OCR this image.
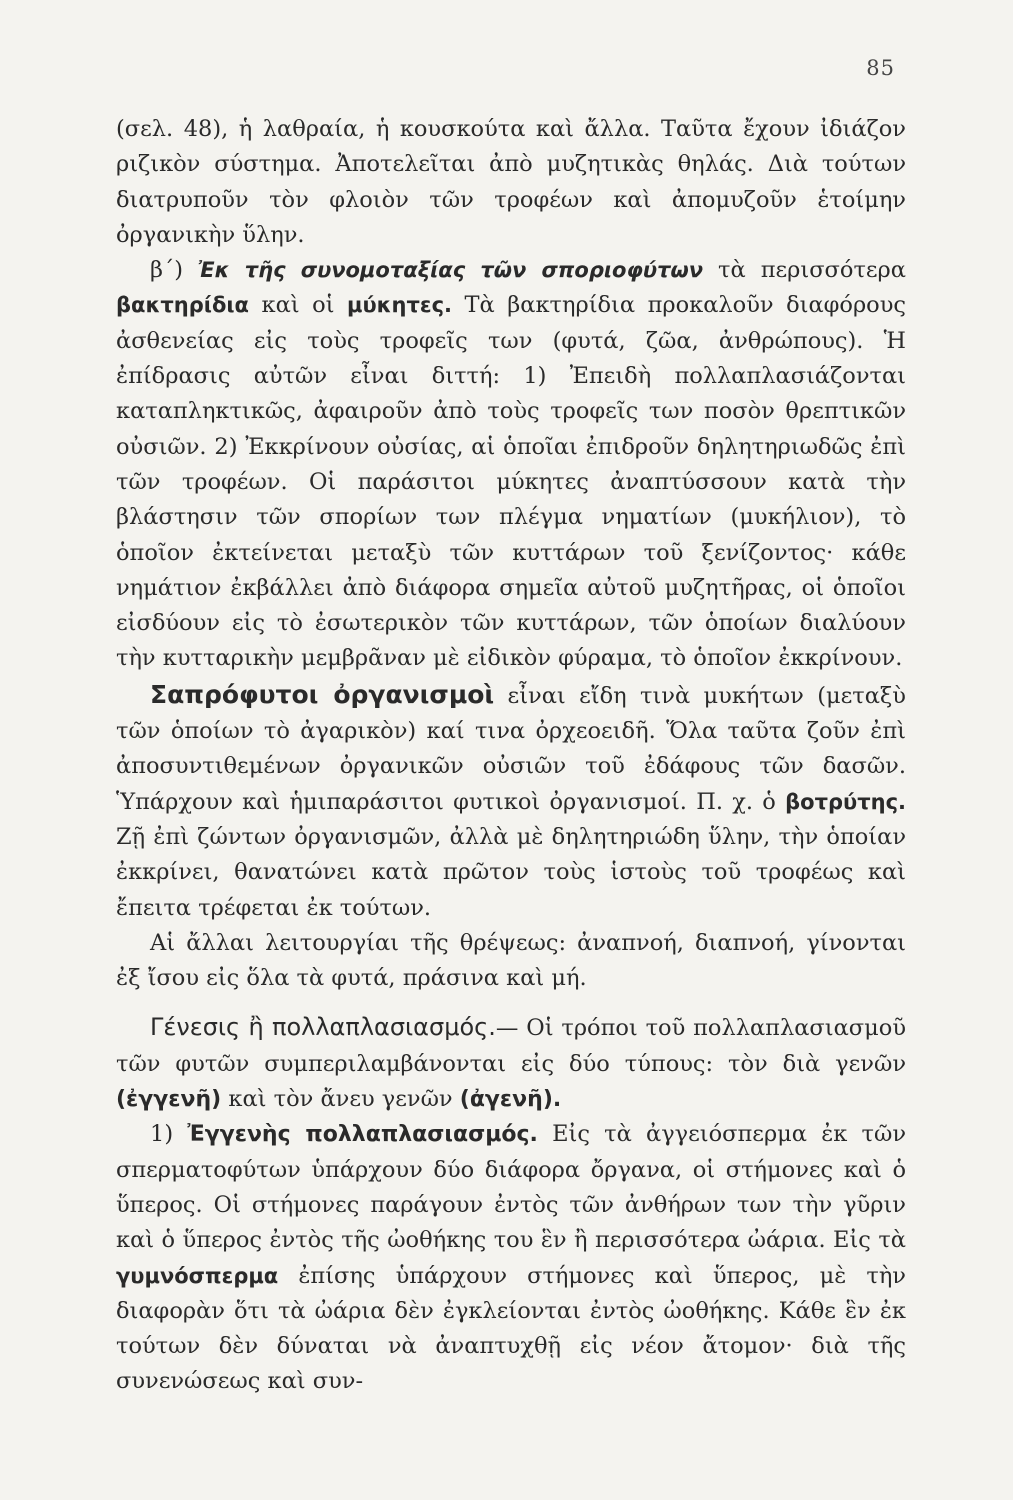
85

(σελ. 48), ἡ λαθραία, ἡ κουσκούτα καὶ ἄλλα. Ταῦτα ἔχουν ἰδιάζον ριζικὸν σύστημα. Ἀποτελεῖται ἀπὸ μυζητικὰς θηλάς. Διὰ τούτων διατρυποῦν τὸν φλοιὸν τῶν τροφέων καὶ ἀπομυζοῦν ἑτοίμην ὀργανικὴν ὕλην.

β΄) Ἐκ τῆς συνομοταξίας τῶν σποριοφύτων τὰ περισσότερα βακτηρίδια καὶ οἱ μύκητες. Τὰ βακτηρίδια προκαλοῦν διαφόρους ἀσθενείας εἰς τοὺς τροφεῖς των (φυτά, ζῶα, ἀνθρώπους). Ἡ ἐπίδρασις αὐτῶν εἶναι διττή: 1) Ἐπειδὴ πολλαπλασιάζονται καταπληκτικῶς, ἀφαιροῦν ἀπὸ τοὺς τροφεῖς των ποσὸν θρεπτικῶν οὐσιῶν. 2) Ἐκκρίνουν οὐσίας, αἱ ὁποῖαι ἐπιδροῦν δηλητηριωδῶς ἐπὶ τῶν τροφέων. Οἱ παράσιτοι μύκητες ἀναπτύσσουν κατὰ τὴν βλάστησιν τῶν σπορίων των πλέγμα νηματίων (μυκήλιον), τὸ ὁποῖον ἐκτείνεται μεταξὺ τῶν κυττάρων τοῦ ξενίζοντος· κάθε νημάτιον ἐκβάλλει ἀπὸ διάφορα σημεῖα αὐτοῦ μυζητῆρας, οἱ ὁποῖοι εἰσδύουν εἰς τὸ ἐσωτερικὸν τῶν κυττάρων, τῶν ὁποίων διαλύουν τὴν κυτταρικὴν μεμβρᾶναν μὲ εἰδικὸν φύραμα, τὸ ὁποῖον ἐκκρίνουν.

Σαπρόφυτοι ὀργανισμοὶ εἶναι εἴδη τινὰ μυκήτων (μεταξὺ τῶν ὁποίων τὸ ἀγαρικὸν) καί τινα ὀρχεοειδῆ. Ὅλα ταῦτα ζοῦν ἐπὶ ἀποσυντιθεμένων ὀργανικῶν οὐσιῶν τοῦ ἐδάφους τῶν δασῶν. Ὑπάρχουν καὶ ἡμιπαράσιτοι φυτικοὶ ὀργανισμοί. Π. χ. ὁ βοτρύτης. Ζῇ ἐπὶ ζώντων ὀργανισμῶν, ἀλλὰ μὲ δηλητηριώδη ὕλην, τὴν ὁποίαν ἐκκρίνει, θανατώνει κατὰ πρῶτον τοὺς ἱστοὺς τοῦ τροφέως καὶ ἔπειτα τρέφεται ἐκ τούτων.

Αἱ ἄλλαι λειτουργίαι τῆς θρέψεως: ἀναπνοή, διαπνοή, γίνονται ἐξ ἴσου εἰς ὅλα τὰ φυτά, πράσινα καὶ μή.

Γένεσις ἢ πολλαπλασιασμός.— Οἱ τρόποι τοῦ πολλαπλασιασμοῦ τῶν φυτῶν συμπεριλαμβάνονται εἰς δύο τύπους: τὸν διὰ γενῶν (ἐγγενῆ) καὶ τὸν ἄνευ γενῶν (ἀγενῆ).

1) Ἐγγενὴς πολλαπλασιασμός. Εἰς τὰ ἀγγειόσπερμα ἐκ τῶν σπερματοφύτων ὑπάρχουν δύο διάφορα ὄργανα, οἱ στήμονες καὶ ὁ ὕπερος. Οἱ στήμονες παράγουν ἐντὸς τῶν ἀνθήρων των τὴν γῦριν καὶ ὁ ὕπερος ἐντὸς τῆς ὠοθήκης του ἓν ἢ περισσότερα ὠάρια. Εἰς τὰ γυμνόσπερμα ἐπίσης ὑπάρχουν στήμονες καὶ ὕπερος, μὲ τὴν διαφορὰν ὅτι τὰ ὠάρια δὲν ἐγκλείονται ἐντὸς ὠοθήκης. Κάθε ἓν ἐκ τούτων δὲν δύναται νὰ ἀναπτυχθῇ εἰς νέον ἄτομον· διὰ τῆς συνενώσεως καὶ συν-
